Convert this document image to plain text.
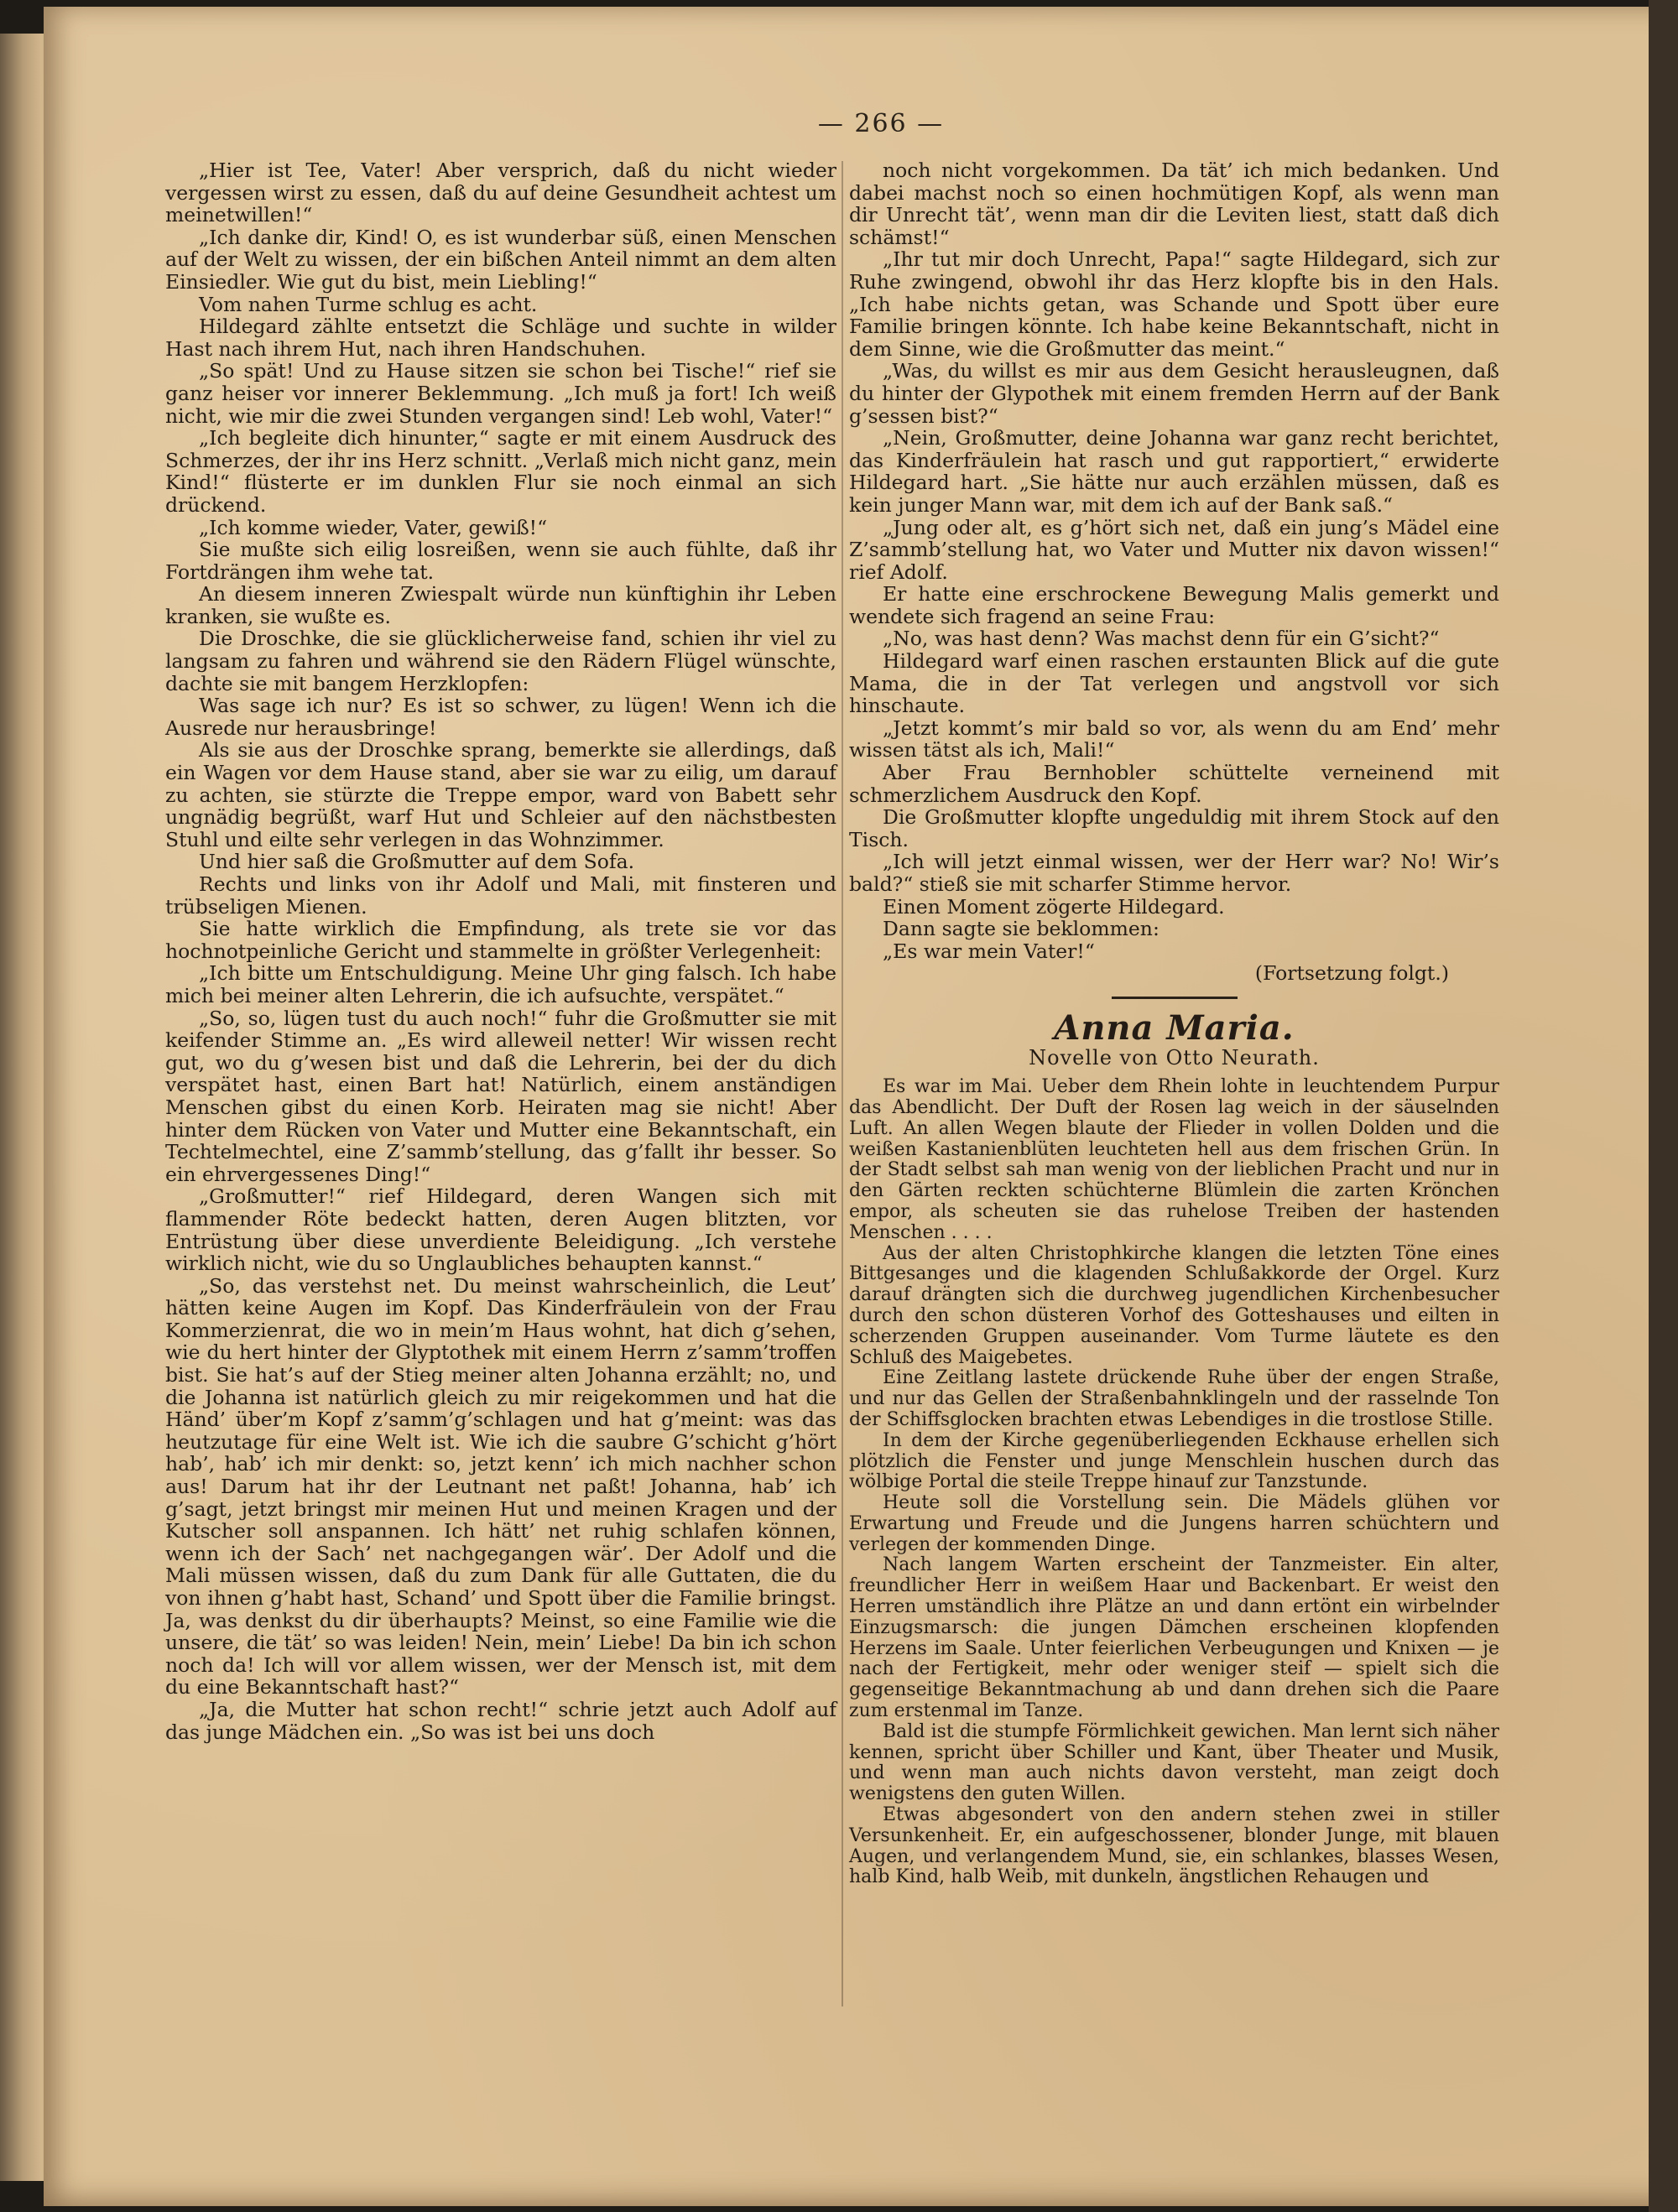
— 266 —

„Hier ist Tee, Vater! Aber versprich, daß du nicht wieder vergessen wirst zu essen, daß du auf deine Gesundheit achtest um meinetwillen!“

„Ich danke dir, Kind! O, es ist wunderbar süß, einen Menschen auf der Welt zu wissen, der ein bißchen Anteil nimmt an dem alten Einsiedler. Wie gut du bist, mein Liebling!“

Vom nahen Turme schlug es acht.

Hildegard zählte entsetzt die Schläge und suchte in wilder Hast nach ihrem Hut, nach ihren Handschuhen.

„So spät! Und zu Hause sitzen sie schon bei Tische!“ rief sie ganz heiser vor innerer Beklemmung. „Ich muß ja fort! Ich weiß nicht, wie mir die zwei Stunden vergangen sind! Leb wohl, Vater!“

„Ich begleite dich hinunter,“ sagte er mit einem Ausdruck des Schmerzes, der ihr ins Herz schnitt. „Verlaß mich nicht ganz, mein Kind!“ flüsterte er im dunklen Flur sie noch einmal an sich drückend.

„Ich komme wieder, Vater, gewiß!“

Sie mußte sich eilig losreißen, wenn sie auch fühlte, daß ihr Fortdrängen ihm wehe tat.

An diesem inneren Zwiespalt würde nun künftighin ihr Leben kranken, sie wußte es.

Die Droschke, die sie glücklicherweise fand, schien ihr viel zu langsam zu fahren und während sie den Rädern Flügel wünschte, dachte sie mit bangem Herzklopfen:

Was sage ich nur? Es ist so schwer, zu lügen! Wenn ich die Ausrede nur herausbringe!

Als sie aus der Droschke sprang, bemerkte sie allerdings, daß ein Wagen vor dem Hause stand, aber sie war zu eilig, um darauf zu achten, sie stürzte die Treppe empor, ward von Babett sehr ungnädig begrüßt, warf Hut und Schleier auf den nächstbesten Stuhl und eilte sehr verlegen in das Wohnzimmer.

Und hier saß die Großmutter auf dem Sofa.

Rechts und links von ihr Adolf und Mali, mit finsteren und trübseligen Mienen.

Sie hatte wirklich die Empfindung, als trete sie vor das hochnotpeinliche Gericht und stammelte in größter Verlegenheit:

„Ich bitte um Entschuldigung. Meine Uhr ging falsch. Ich habe mich bei meiner alten Lehrerin, die ich aufsuchte, verspätet.“

„So, so, lügen tust du auch noch!“ fuhr die Großmutter sie mit keifender Stimme an. „Es wird alleweil netter! Wir wissen recht gut, wo du g’wesen bist und daß die Lehrerin, bei der du dich verspätet hast, einen Bart hat! Natürlich, einem anständigen Menschen gibst du einen Korb. Heiraten mag sie nicht! Aber hinter dem Rücken von Vater und Mutter eine Bekanntschaft, ein Techtelmechtel, eine Z’sammb’stellung, das g’fallt ihr besser. So ein ehrvergessenes Ding!“

„Großmutter!“ rief Hildegard, deren Wangen sich mit flammender Röte bedeckt hatten, deren Augen blitzten, vor Entrüstung über diese unverdiente Beleidigung. „Ich verstehe wirklich nicht, wie du so Unglaubliches behaupten kannst.“

„So, das verstehst net. Du meinst wahrscheinlich, die Leut’ hätten keine Augen im Kopf. Das Kinderfräulein von der Frau Kommerzienrat, die wo in mein’m Haus wohnt, hat dich g’sehen, wie du hert hinter der Glyptothek mit einem Herrn z’samm’troffen bist. Sie hat’s auf der Stieg meiner alten Johanna erzählt; no, und die Johanna ist natürlich gleich zu mir reigekommen und hat die Händ’ über’m Kopf z’samm’g’schlagen und hat g’meint: was das heutzutage für eine Welt ist. Wie ich die saubre G’schicht g’hört hab’, hab’ ich mir denkt: so, jetzt kenn’ ich mich nachher schon aus! Darum hat ihr der Leutnant net paßt! Johanna, hab’ ich g’sagt, jetzt bringst mir meinen Hut und meinen Kragen und der Kutscher soll anspannen. Ich hätt’ net ruhig schlafen können, wenn ich der Sach’ net nachgegangen wär’. Der Adolf und die Mali müssen wissen, daß du zum Dank für alle Guttaten, die du von ihnen g’habt hast, Schand’ und Spott über die Familie bringst. Ja, was denkst du dir überhaupts? Meinst, so eine Familie wie die unsere, die tät’ so was leiden! Nein, mein’ Liebe! Da bin ich schon noch da! Ich will vor allem wissen, wer der Mensch ist, mit dem du eine Bekanntschaft hast?“

„Ja, die Mutter hat schon recht!“ schrie jetzt auch Adolf auf das junge Mädchen ein. „So was ist bei uns doch

noch nicht vorgekommen. Da tät’ ich mich bedanken. Und dabei machst noch so einen hochmütigen Kopf, als wenn man dir Unrecht tät’, wenn man dir die Leviten liest, statt daß dich schämst!“

„Ihr tut mir doch Unrecht, Papa!“ sagte Hildegard, sich zur Ruhe zwingend, obwohl ihr das Herz klopfte bis in den Hals. „Ich habe nichts getan, was Schande und Spott über eure Familie bringen könnte. Ich habe keine Bekanntschaft, nicht in dem Sinne, wie die Großmutter das meint.“

„Was, du willst es mir aus dem Gesicht herausleugnen, daß du hinter der Glypothek mit einem fremden Herrn auf der Bank g’sessen bist?“

„Nein, Großmutter, deine Johanna war ganz recht berichtet, das Kinderfräulein hat rasch und gut rapportiert,“ erwiderte Hildegard hart. „Sie hätte nur auch erzählen müssen, daß es kein junger Mann war, mit dem ich auf der Bank saß.“

„Jung oder alt, es g’hört sich net, daß ein jung’s Mädel eine Z’sammb’stellung hat, wo Vater und Mutter nix davon wissen!“ rief Adolf.

Er hatte eine erschrockene Bewegung Malis gemerkt und wendete sich fragend an seine Frau:

„No, was hast denn? Was machst denn für ein G’sicht?“

Hildegard warf einen raschen erstaunten Blick auf die gute Mama, die in der Tat verlegen und angstvoll vor sich hinschaute.

„Jetzt kommt’s mir bald so vor, als wenn du am End’ mehr wissen tätst als ich, Mali!“

Aber Frau Bernhobler schüttelte verneinend mit schmerzlichem Ausdruck den Kopf.

Die Großmutter klopfte ungeduldig mit ihrem Stock auf den Tisch.

„Ich will jetzt einmal wissen, wer der Herr war? No! Wir’s bald?“ stieß sie mit scharfer Stimme hervor.

Einen Moment zögerte Hildegard.

Dann sagte sie beklommen:

„Es war mein Vater!“

(Fortsetzung folgt.)

Anna Maria.
Novelle von Otto Neurath.

Es war im Mai. Ueber dem Rhein lohte in leuchtendem Purpur das Abendlicht. Der Duft der Rosen lag weich in der säuselnden Luft. An allen Wegen blaute der Flieder in vollen Dolden und die weißen Kastanienblüten leuchteten hell aus dem frischen Grün. In der Stadt selbst sah man wenig von der lieblichen Pracht und nur in den Gärten reckten schüchterne Blümlein die zarten Krönchen empor, als scheuten sie das ruhelose Treiben der hastenden Menschen . . . .

Aus der alten Christophkirche klangen die letzten Töne eines Bittgesanges und die klagenden Schlußakkorde der Orgel. Kurz darauf drängten sich die durchweg jugendlichen Kirchenbesucher durch den schon düsteren Vorhof des Gotteshauses und eilten in scherzenden Gruppen auseinander. Vom Turme läutete es den Schluß des Maigebetes.

Eine Zeitlang lastete drückende Ruhe über der engen Straße, und nur das Gellen der Straßenbahnklingeln und der rasselnde Ton der Schiffsglocken brachten etwas Lebendiges in die trostlose Stille.

In dem der Kirche gegenüberliegenden Eckhause erhellen sich plötzlich die Fenster und junge Menschlein huschen durch das wölbige Portal die steile Treppe hinauf zur Tanzstunde.

Heute soll die Vorstellung sein. Die Mädels glühen vor Erwartung und Freude und die Jungens harren schüchtern und verlegen der kommenden Dinge.

Nach langem Warten erscheint der Tanzmeister. Ein alter, freundlicher Herr in weißem Haar und Backenbart. Er weist den Herren umständlich ihre Plätze an und dann ertönt ein wirbelnder Einzugsmarsch: die jungen Dämchen erscheinen klopfenden Herzens im Saale. Unter feierlichen Verbeugungen und Knixen — je nach der Fertigkeit, mehr oder weniger steif — spielt sich die gegenseitige Bekanntmachung ab und dann drehen sich die Paare zum erstenmal im Tanze.

Bald ist die stumpfe Förmlichkeit gewichen. Man lernt sich näher kennen, spricht über Schiller und Kant, über Theater und Musik, und wenn man auch nichts davon versteht, man zeigt doch wenigstens den guten Willen.

Etwas abgesondert von den andern stehen zwei in stiller Versunkenheit. Er, ein aufgeschossener, blonder Junge, mit blauen Augen, und verlangendem Mund, sie, ein schlankes, blasses Wesen, halb Kind, halb Weib, mit dunkeln, ängstlichen Rehaugen und
